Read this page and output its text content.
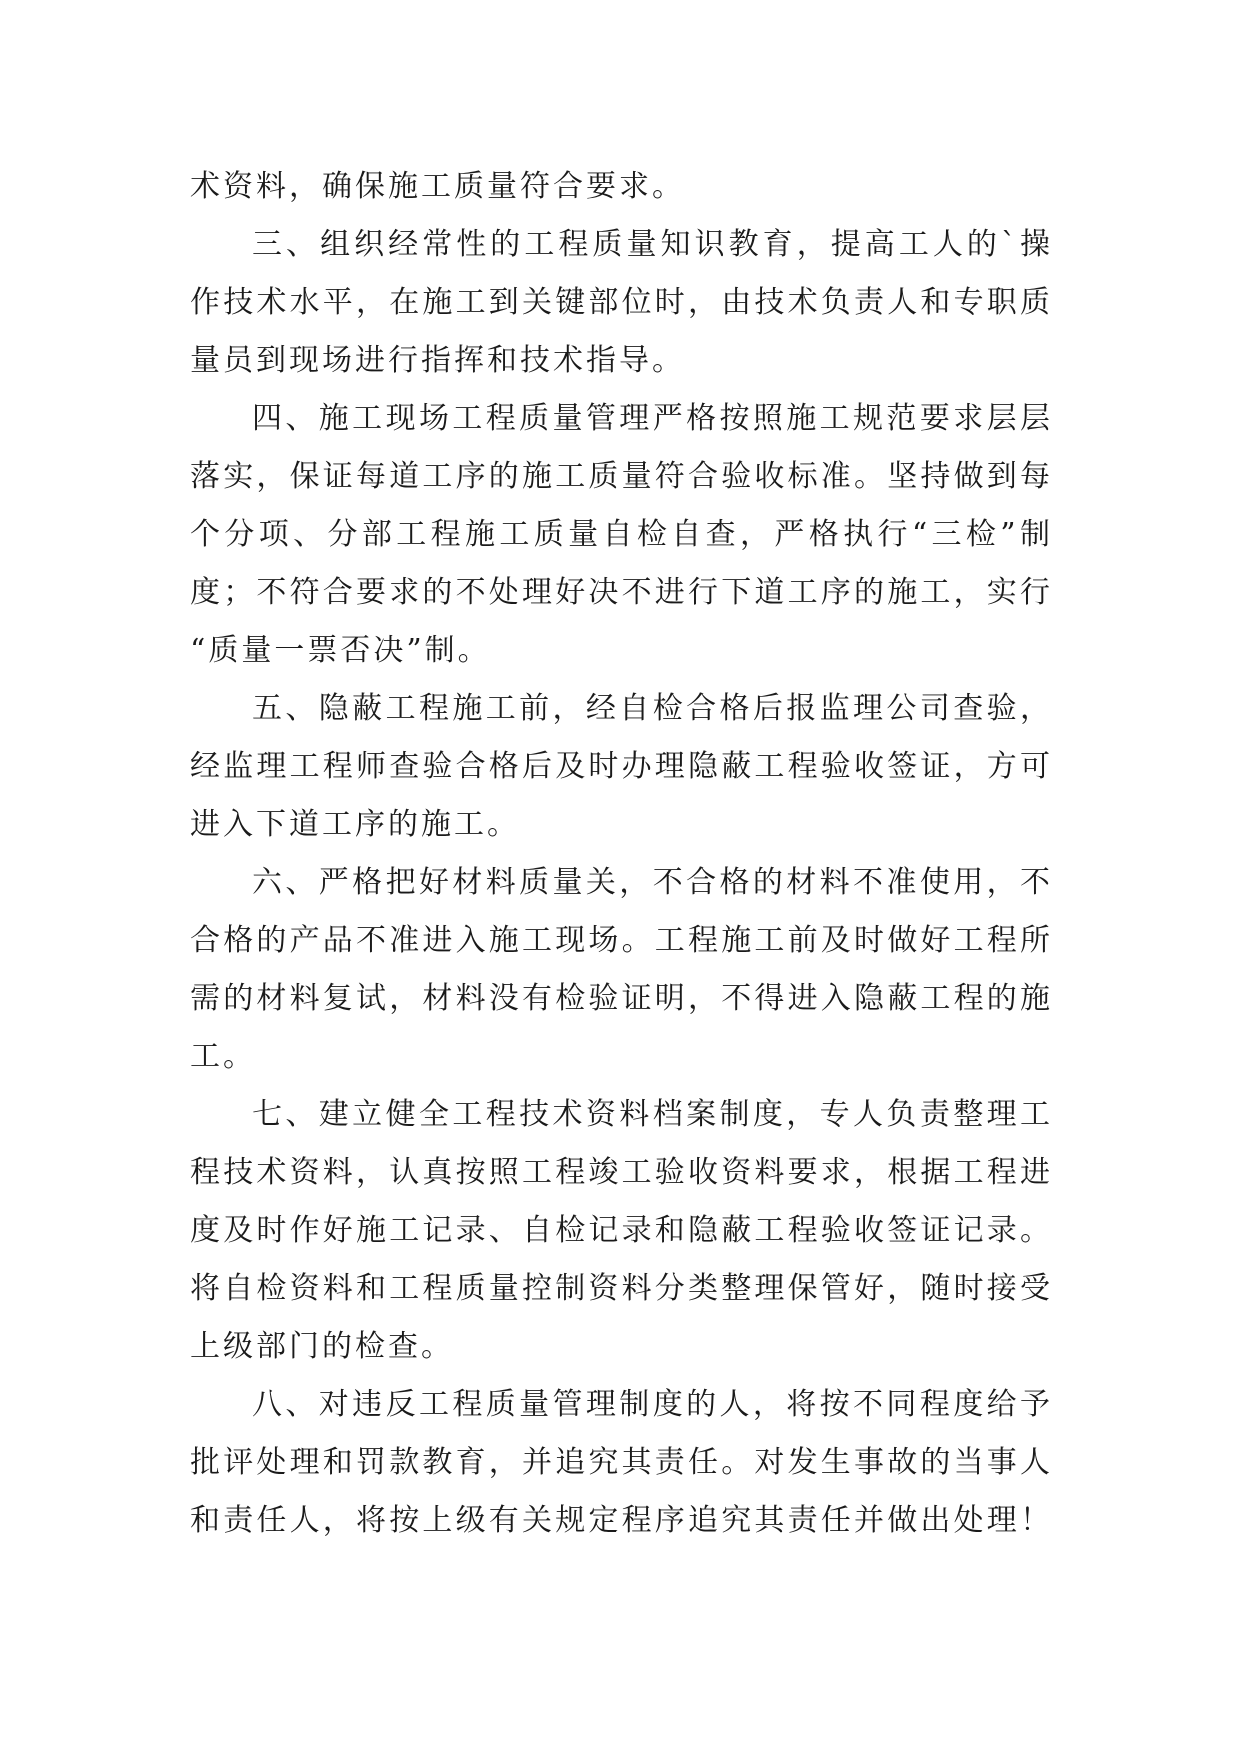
术资料，确保施工质量符合要求。
三、组织经常性的工程质量知识教育，提高工人的`操
作技术水平，在施工到关键部位时，由技术负责人和专职质
量员到现场进行指挥和技术指导。
四、施工现场工程质量管理严格按照施工规范要求层层
落实，保证每道工序的施工质量符合验收标准。坚持做到每
个分项、分部工程施工质量自检自查，严格执行“三检”制
度；不符合要求的不处理好决不进行下道工序的施工，实行
“质量一票否决”制。
五、隐蔽工程施工前，经自检合格后报监理公司查验，
经监理工程师查验合格后及时办理隐蔽工程验收签证，方可
进入下道工序的施工。
六、严格把好材料质量关，不合格的材料不准使用，不
合格的产品不准进入施工现场。工程施工前及时做好工程所
需的材料复试，材料没有检验证明，不得进入隐蔽工程的施
工。
七、建立健全工程技术资料档案制度，专人负责整理工
程技术资料，认真按照工程竣工验收资料要求，根据工程进
度及时作好施工记录、自检记录和隐蔽工程验收签证记录。
将自检资料和工程质量控制资料分类整理保管好，随时接受
上级部门的检查。
八、对违反工程质量管理制度的人，将按不同程度给予
批评处理和罚款教育，并追究其责任。对发生事故的当事人
和责任人，将按上级有关规定程序追究其责任并做出处理！
